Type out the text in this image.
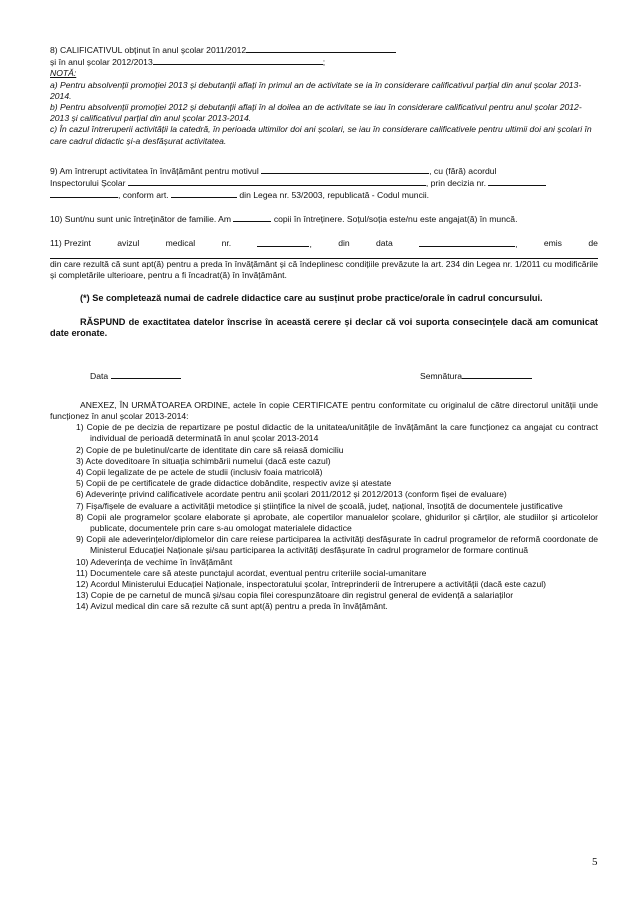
8) CALIFICATIVUL obținut în anul școlar 2011/2012

și în anul școlar 2012/2013	;

NOTĂ:

a) Pentru absolvenții promoției 2013 și debutanții aflați în primul an de activitate se ia în considerare calificativul parțial din anul școlar 2013-2014.

b) Pentru absolvenții promoției 2012 și debutanții aflați în al doilea an de activitate se iau în considerare calificativul pentru anul școlar 2012-2013 și calificativul parțial din anul școlar 2013-2014.

c) În cazul întreruperii activității la catedră, în perioada ultimilor doi ani școlari, se iau în considerare calificativele pentru ultimii doi ani școlari în care cadrul didactic și-a desfășurat activitatea.

9) Am întrerupt activitatea în învățământ pentru motivul	, cu (fără) acordul

Inspectorului Școlar	, prin decizia nr.

, conform art.	din Legea nr. 53/2003, republicată - Codul muncii.

10) Sunt/nu sunt unic întreținător de familie. Am	copii în întreținere. Soțul/soția este/nu este angajat(ă) în muncă.

11) Prezint	avizul	medical	nr.	,	din	data	,	emis	de

din care rezultă că sunt apt(ă) pentru a preda în învățământ și că îndeplinesc condițiile prevăzute la art. 234 din Legea nr. 1/2011 cu modificările și completările ulterioare, pentru a fi încadrat(ă) în învățământ.

(*) Se completează numai de cadrele didactice care au susținut probe practice/orale în cadrul concursului.

RĂSPUND de exactitatea datelor înscrise în această cerere și declar că voi suporta consecințele dacă am comunicat date eronate.

Data	Semnătura

ANEXEZ, ÎN URMĂTOAREA ORDINE, actele în copie CERTIFICATE pentru conformitate cu originalul de către directorul unității unde funcționez în anul școlar 2013-2014:

1) Copie de pe decizia de repartizare pe postul didactic de la unitatea/unitățile de învățământ la care funcționez ca angajat cu contract individual de perioadă determinată în anul școlar 2013-2014
2) Copie de pe buletinul/carte de identitate din care să reiasă domiciliu
3) Acte doveditoare în situația schimbării numelui (dacă este cazul)
4) Copii legalizate de pe actele de studii (inclusiv foaia matricolă)
5) Copii de pe certificatele de grade didactice dobândite, respectiv avize și atestate
6) Adeverințe privind calificativele acordate pentru anii școlari 2011/2012 și 2012/2013 (conform fișei de evaluare)
7) Fișa/fișele de evaluare a activității metodice și științifice la nivel de școală, județ, național, însoțită de documentele justificative
8) Copii ale programelor școlare elaborate și aprobate, ale copertilor manualelor școlare, ghidurilor și cărților, ale studiilor și articolelor publicate, documentele prin care s-au omologat materialele didactice
9) Copii ale adeverințelor/diplomelor din care reiese participarea la activități desfășurate în cadrul programelor de reformă coordonate de Ministerul Educației Naționale și/sau participarea la activități desfășurate în cadrul programelor de formare continuă
10) Adeverința de vechime în învățământ
11) Documentele care să ateste punctajul acordat, eventual pentru criteriile social-umanitare
12) Acordul Ministerului Educației Naționale, inspectoratului școlar, întreprinderii de întrerupere a activității (dacă este cazul)
13) Copie de pe carnetul de muncă și/sau copia filei corespunzătoare din registrul general de evidență a salariaților
14) Avizul medical din care să rezulte că sunt apt(ă) pentru a preda în învățământ.
5
